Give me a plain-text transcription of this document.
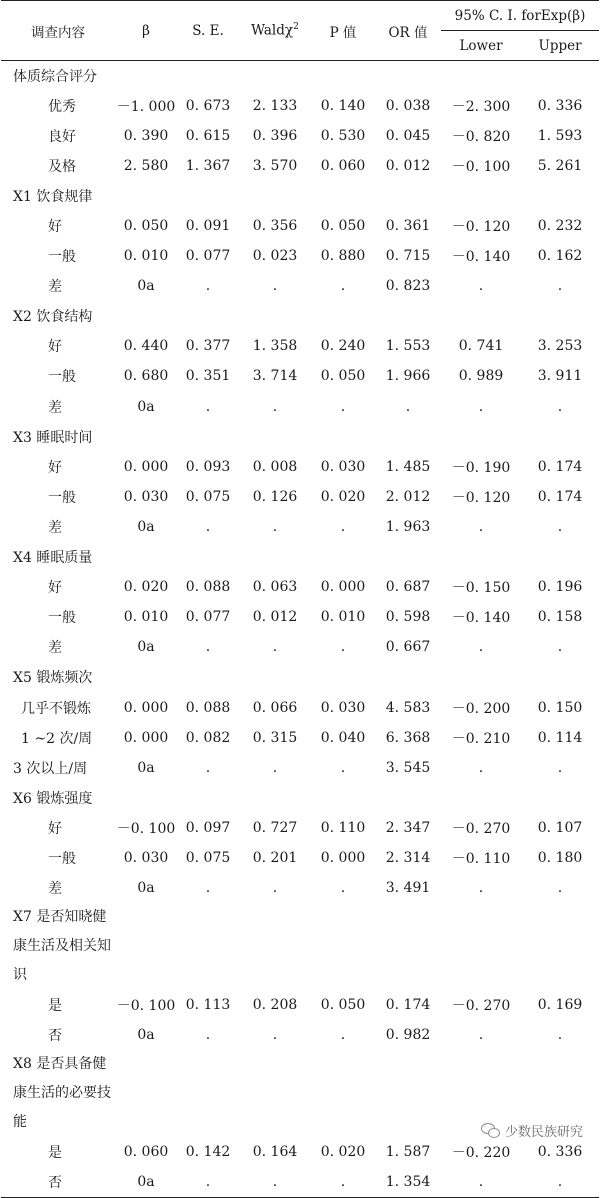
调查内容	β	S. E.	Waldχ$^2$	P 值	OR 值	95% C. I. forExp(β)	
						Lower	Upper
体质综合评分							
优秀	－1. 000	0. 673	2. 133	0. 140	0. 038	－2. 300	0. 336
良好	0. 390	0. 615	0. 396	0. 530	0. 045	－0. 820	1. 593
及格	2. 580	1. 367	3. 570	0. 060	0. 012	－0. 100	5. 261
X1 饮食规律							
好	0. 050	0. 091	0. 356	0. 050	0. 361	－0. 120	0. 232
一般	0. 010	0. 077	0. 023	0. 880	0. 715	－0. 140	0. 162
差	0a	.	.	.	0. 823	.	.
X2 饮食结构							
好	0. 440	0. 377	1. 358	0. 240	1. 553	0. 741	3. 253
一般	0. 680	0. 351	3. 714	0. 050	1. 966	0. 989	3. 911
差	0a	.	.	.	.	.	.
X3 睡眠时间							
好	0. 000	0. 093	0. 008	0. 030	1. 485	－0. 190	0. 174
一般	0. 030	0. 075	0. 126	0. 020	2. 012	－0. 120	0. 174
差	0a	.	.	.	1. 963	.	.
X4 睡眠质量							
好	0. 020	0. 088	0. 063	0. 000	0. 687	－0. 150	0. 196
一般	0. 010	0. 077	0. 012	0. 010	0. 598	－0. 140	0. 158
差	0a	.	.	.	0. 667	.	.
X5 锻炼频次							
几乎不锻炼	0. 000	0. 088	0. 066	0. 030	4. 583	－0. 200	0. 150
1 ~2 次/周	0. 000	0. 082	0. 315	0. 040	6. 368	－0. 210	0. 114
3 次以上/周	0a	.	.	.	3. 545	.	.
X6 锻炼强度							
好	－0. 100	0. 097	0. 727	0. 110	2. 347	－0. 270	0. 107
一般	0. 030	0. 075	0. 201	0. 000	2. 314	－0. 110	0. 180
差	0a	.	.	.	3. 491	.	.
X7 是否知晓健康生活及相关知识							
是	－0. 100	0. 113	0. 208	0. 050	0. 174	－0. 270	0. 169
否	0a	.	.	.	0. 982	.	.
X8 是否具备健康生活的必要技能							
是	0. 060	0. 142	0. 164	0. 020	1. 587	－0. 220	0. 336
否	0a	.	.	.	1. 354	.	.
少数民族研究
